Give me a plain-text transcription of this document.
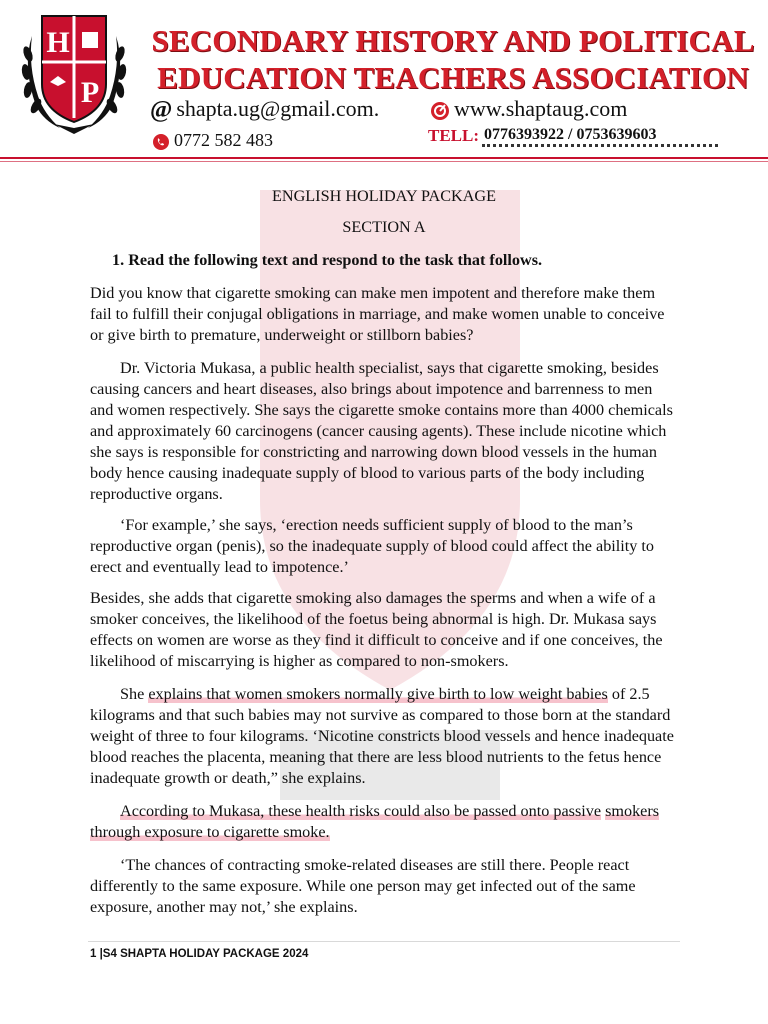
H
P
SECONDARY HISTORY AND POLITICAL
EDUCATION TEACHERS ASSOCIATION
@ shapta.ug@gmail.com.	www.shaptaug.com
0772 582 483	TELL: 0776393922 / 0753639603

ENGLISH HOLIDAY PACKAGE

SECTION A

1. Read the following text and respond to the task that follows.

Did you know that cigarette smoking can make men impotent and therefore make them fail to fulfill their conjugal obligations in marriage, and make women unable to conceive or give birth to premature, underweight or stillborn babies?

Dr. Victoria Mukasa, a public health specialist, says that cigarette smoking, besides causing cancers and heart diseases, also brings about impotence and barrenness to men and women respectively. She says the cigarette smoke contains more than 4000 chemicals and approximately 60 carcinogens (cancer causing agents). These include nicotine which she says is responsible for constricting and narrowing down blood vessels in the human body hence causing inadequate supply of blood to various parts of the body including reproductive organs.

‘For example,’ she says, ‘erection needs sufficient supply of blood to the man’s reproductive organ (penis), so the inadequate supply of blood could affect the ability to erect and eventually lead to impotence.’

Besides, she adds that cigarette smoking also damages the sperms and when a wife of a smoker conceives, the likelihood of the foetus being abnormal is high. Dr. Mukasa says effects on women are worse as they find it difficult to conceive and if one conceives, the likelihood of miscarrying is higher as compared to non-smokers.

She explains that women smokers normally give birth to low weight babies of 2.5 kilograms and that such babies may not survive as compared to those born at the standard weight of three to four kilograms. ‘Nicotine constricts blood vessels and hence inadequate blood reaches the placenta, meaning that there are less blood nutrients to the fetus hence inadequate growth or death,” she explains.

According to Mukasa, these health risks could also be passed onto passive smokers through exposure to cigarette smoke.

‘The chances of contracting smoke-related diseases are still there. People react differently to the same exposure. While one person may get infected out of the same exposure, another may not,’ she explains.

1 |S4 SHAPTA HOLIDAY PACKAGE 2024
